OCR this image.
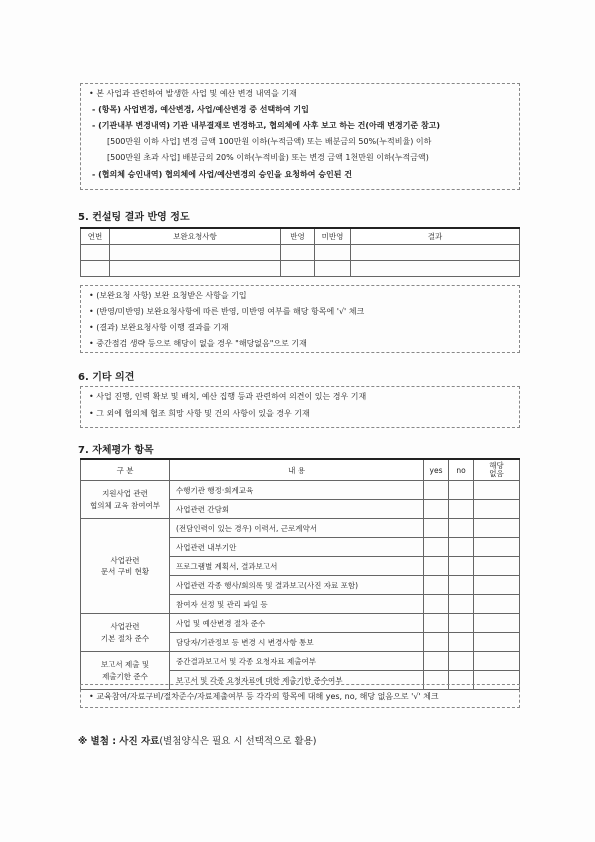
• 본 사업과 관련하여 발생한 사업 및 예산 변경 내역을 기재
- (항목) 사업변경, 예산변경, 사업/예산변경 중 선택하여 기입
- (기관내부 변경내역) 기관 내부결재로 변경하고, 협의체에 사후 보고 하는 건(아래 변경기준 참고)
[500만원 이하 사업] 변경 금액 100만원 이하(누적금액) 또는 배분금의 50%(누적비율) 이하
[500만원 초과 사업] 배분금의 20% 이하(누적비율) 또는 변경 금액 1천만원 이하(누적금액)
- (협의체 승인내역) 협의체에 사업/예산변경의 승인을 요청하여 승인된 건
5. 컨설팅 결과 반영 정도
연번	보완요청사항	반영	미반영	결과

• (보완요청 사항) 보완 요청받은 사항을 기입
• (반영/미반영) 보완요청사항에 따른 반영, 미반영 여부를 해당 항목에 '√' 체크
• (결과) 보완요청사항 이행 결과를 기재
• 중간점검 생략 등으로 해당이 없을 경우 "해당없음"으로 기재
6. 기타 의견
• 사업 진행, 인력 확보 및 배치, 예산 집행 등과 관련하여 의견이 있는 경우 기재
• 그 외에 협의체 협조 희망 사항 및 건의 사항이 있을 경우 기재
7. 자체평가 항목
구 분	내 용	yes	no	해당
없음
지원사업 관련
협의체 교육 참여여부	수행기관 행정·회계교육			
	사업관련 간담회			
사업관련
문서 구비 현황	(전담인력이 있는 경우) 이력서, 근로계약서			
	사업관련 내부기안			
	프로그램별 계획서, 결과보고서			
	사업관련 각종 행사/회의록 및 결과보고(사진 자료 포함)			
	참여자 선정 및 관리 파일 등			
사업관련
기본 절차 준수	사업 및 예산변경 절차 준수			
	담당자/기관정보 등 변경 시 변경사항 통보			
보고서 제출 및
제출기한 준수	중간결과보고서 및 각종 요청자료 제출여부			
	보고서 및 각종 요청자료에 대한 제출기한 준수여부			
• 교육참여/자료구비/절차준수/자료제출여부 등 각각의 항목에 대해 yes, no, 해당 없음으로 '√' 체크
※ 별첨 : 사진 자료(별첨양식은 필요 시 선택적으로 활용)
